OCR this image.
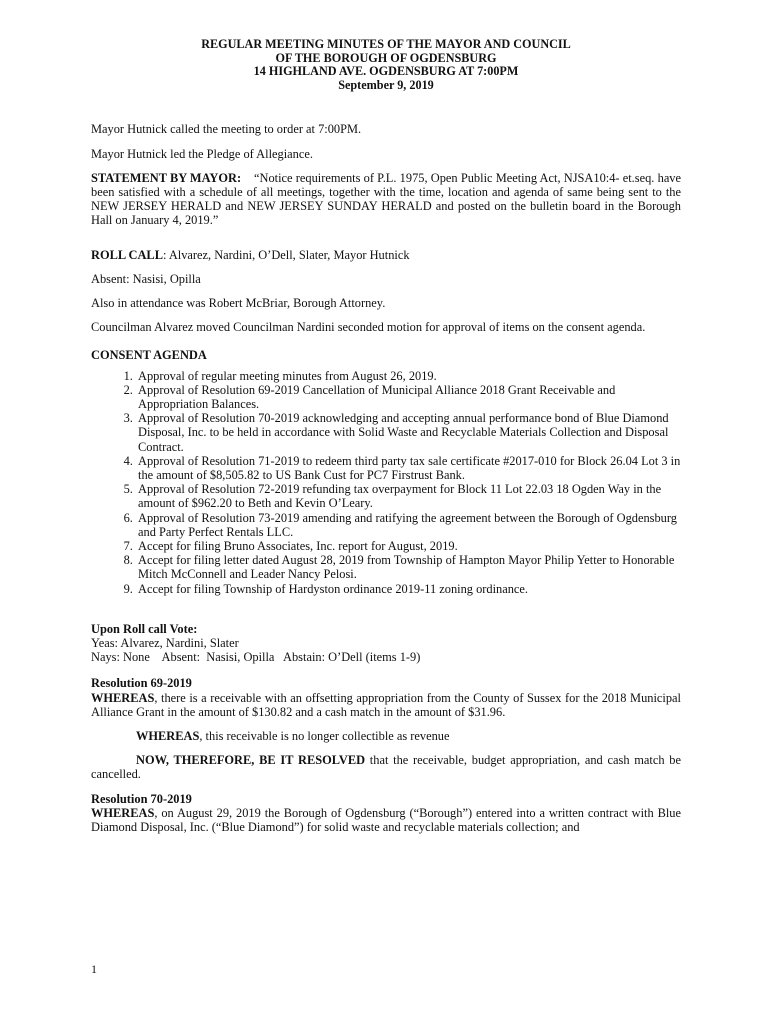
REGULAR MEETING MINUTES OF THE MAYOR AND COUNCIL
OF THE BOROUGH OF OGDENSBURG
14 HIGHLAND AVE. OGDENSBURG AT 7:00PM
September 9, 2019

Mayor Hutnick called the meeting to order at 7:00PM.

Mayor Hutnick led the Pledge of Allegiance.

STATEMENT BY MAYOR: “Notice requirements of P.L. 1975, Open Public Meeting Act, NJSA10:4- et.seq. have been satisfied with a schedule of all meetings, together with the time, location and agenda of same being sent to the NEW JERSEY HERALD and NEW JERSEY SUNDAY HERALD and posted on the bulletin board in the Borough Hall on January 4, 2019.”

ROLL CALL: Alvarez, Nardini, O’Dell, Slater, Mayor Hutnick

Absent: Nasisi, Opilla

Also in attendance was Robert McBriar, Borough Attorney.

Councilman Alvarez moved Councilman Nardini seconded motion for approval of items on the consent agenda.

CONSENT AGENDA

1. Approval of regular meeting minutes from August 26, 2019.
2. Approval of Resolution 69-2019 Cancellation of Municipal Alliance 2018 Grant Receivable and Appropriation Balances.
3. Approval of Resolution 70-2019 acknowledging and accepting annual performance bond of Blue Diamond Disposal, Inc. to be held in accordance with Solid Waste and Recyclable Materials Collection and Disposal Contract.
4. Approval of Resolution 71-2019 to redeem third party tax sale certificate #2017-010 for Block 26.04 Lot 3 in the amount of $8,505.82 to US Bank Cust for PC7 Firstrust Bank.
5. Approval of Resolution 72-2019 refunding tax overpayment for Block 11 Lot 22.03 18 Ogden Way in the amount of $962.20 to Beth and Kevin O’Leary.
6. Approval of Resolution 73-2019 amending and ratifying the agreement between the Borough of Ogdensburg and Party Perfect Rentals LLC.
7. Accept for filing Bruno Associates, Inc. report for August, 2019.
8. Accept for filing letter dated August 28, 2019 from Township of Hampton Mayor Philip Yetter to Honorable Mitch McConnell and Leader Nancy Pelosi.
9. Accept for filing Township of Hardyston ordinance 2019-11 zoning ordinance.

Upon Roll call Vote:

Yeas: Alvarez, Nardini, Slater

Nays: None    Absent:  Nasisi, Opilla   Abstain: O’Dell (items 1-9)

Resolution 69-2019

WHEREAS, there is a receivable with an offsetting appropriation from the County of Sussex for the 2018 Municipal Alliance Grant in the amount of $130.82 and a cash match in the amount of $31.96.

WHEREAS, this receivable is no longer collectible as revenue

NOW, THEREFORE, BE IT RESOLVED that the receivable, budget appropriation, and cash match be cancelled.

Resolution 70-2019

WHEREAS, on August 29, 2019 the Borough of Ogdensburg (“Borough”) entered into a written contract with Blue Diamond Disposal, Inc. (“Blue Diamond”) for solid waste and recyclable materials collection; and

1
